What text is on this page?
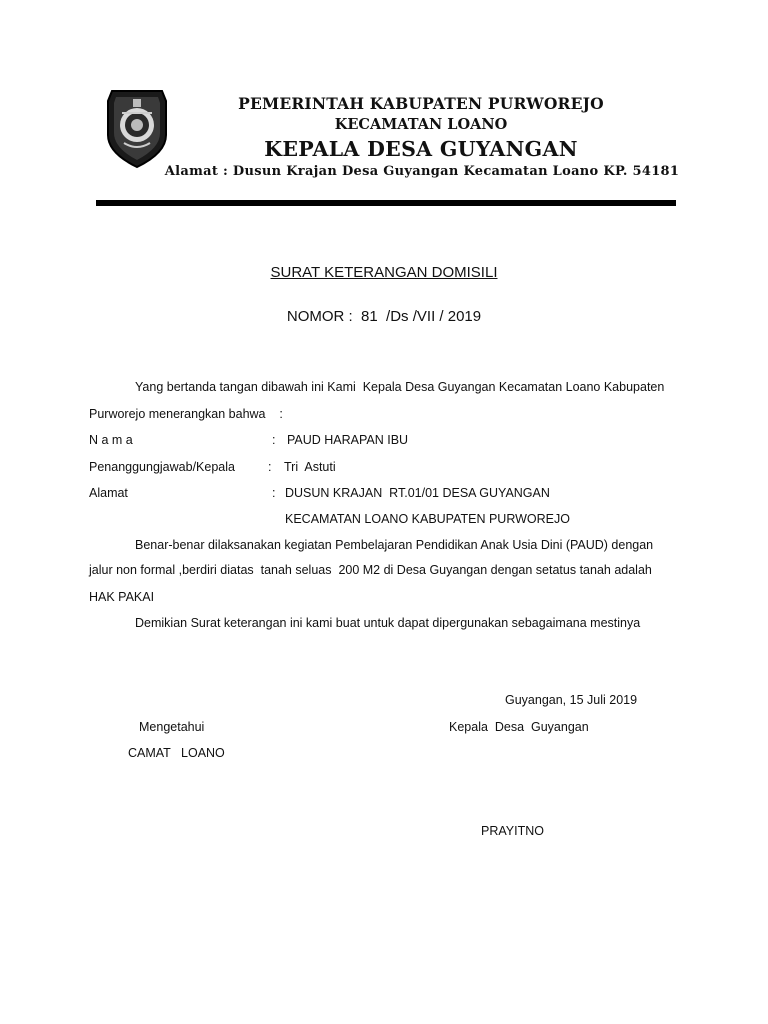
PEMERINTAH KABUPATEN PURWOREJO
KECAMATAN LOANO
KEPALA DESA GUYANGAN
Alamat : Dusun Krajan Desa Guyangan Kecamatan Loano KP. 54181
SURAT KETERANGAN DOMISILI
NOMOR :  81  /Ds /VII / 2019
Yang bertanda tangan dibawah ini Kami  Kepala Desa Guyangan Kecamatan Loano Kabupaten
Purworejo menerangkan bahwa    :
N a m a	: PAUD HARAPAN IBU
Penanggungjawab/Kepala	: Tri  Astuti
Alamat	: DUSUN KRAJAN  RT.01/01 DESA GUYANGAN
KECAMATAN LOANO KABUPATEN PURWOREJO
Benar-benar dilaksanakan kegiatan Pembelajaran Pendidikan Anak Usia Dini (PAUD) dengan
jalur non formal ,berdiri diatas  tanah seluas  200 M2 di Desa Guyangan dengan setatus tanah adalah
HAK PAKAI
Demikian Surat keterangan ini kami buat untuk dapat dipergunakan sebagaimana mestinya
Guyangan, 15 Juli 2019
Mengetahui	Kepala  Desa  Guyangan
CAMAT   LOANO
PRAYITNO
